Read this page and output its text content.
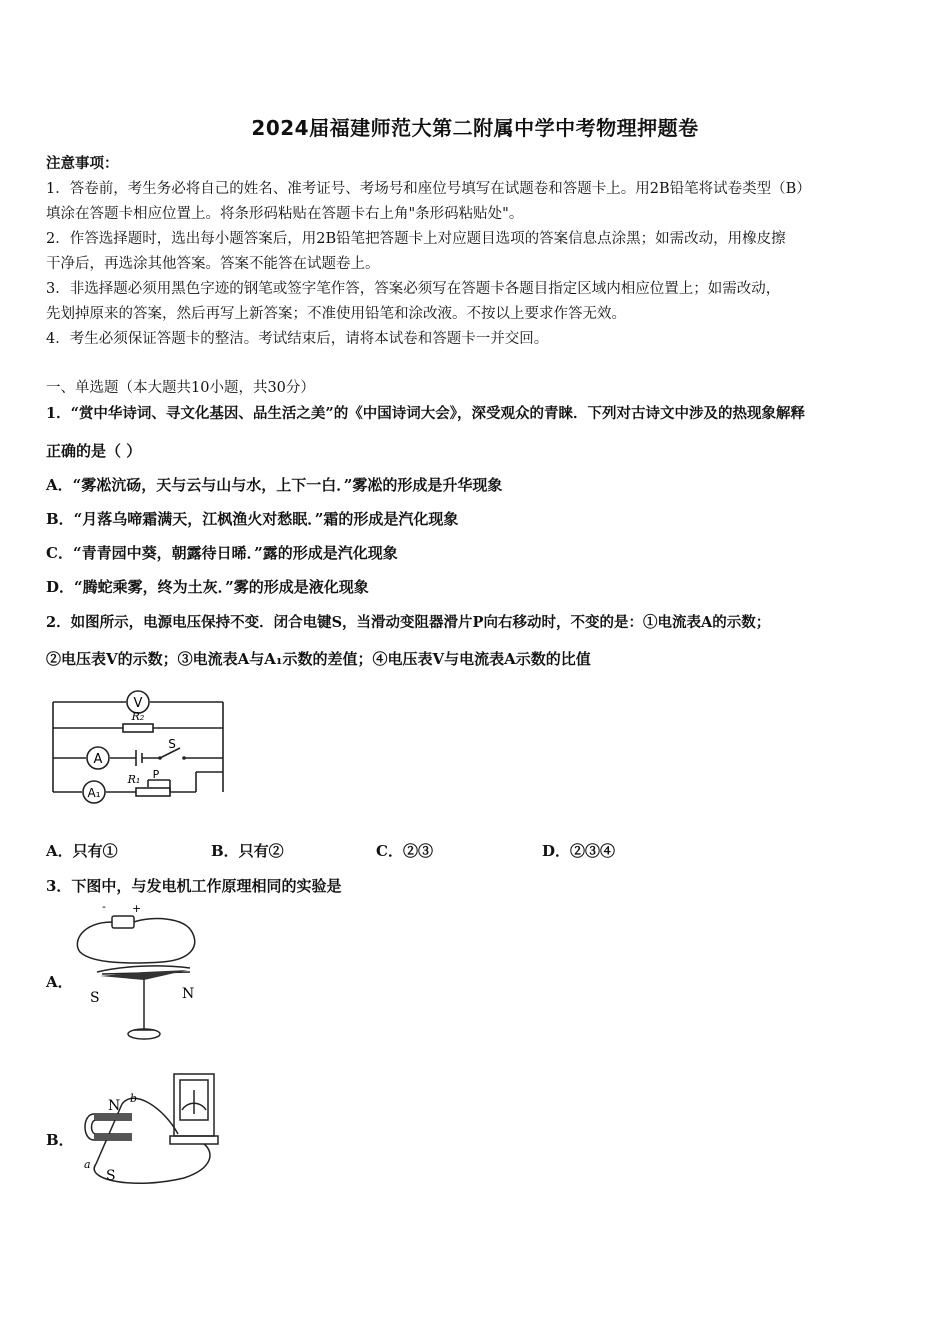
2024届福建师范大第二附属中学中考物理押题卷
注意事项：
1．答卷前，考生务必将自己的姓名、准考证号、考场号和座位号填写在试题卷和答题卡上。用2B铅笔将试卷类型（B）
填涂在答题卡相应位置上。将条形码粘贴在答题卡右上角"条形码粘贴处"。
2．作答选择题时，选出每小题答案后，用2B铅笔把答题卡上对应题目选项的答案信息点涂黑；如需改动，用橡皮擦
干净后，再选涂其他答案。答案不能答在试题卷上。
3．非选择题必须用黑色字迹的钢笔或签字笔作答，答案必须写在答题卡各题目指定区域内相应位置上；如需改动，
先划掉原来的答案，然后再写上新答案；不准使用铅笔和涂改液。不按以上要求作答无效。
4．考生必须保证答题卡的整洁。考试结束后，请将本试卷和答题卡一并交回。
一、单选题（本大题共10小题，共30分）
1．“赏中华诗词、寻文化基因、品生活之美”的《中国诗词大会》，深受观众的青睐．下列对古诗文中涉及的热现象解释
正确的是（ ）
A．“雾凇沆砀，天与云与山与水，上下一白．”雾凇的形成是升华现象
B．“月落乌啼霜满天，江枫渔火对愁眠．”霜的形成是汽化现象
C．“青青园中葵，朝露待日晞．”露的形成是汽化现象
D．“腾蛇乘雾，终为土灰．”雾的形成是液化现象
2．如图所示，电源电压保持不变．闭合电键S，当滑动变阻器滑片P向右移动时，不变的是：①电流表A的示数；
②电压表V的示数；③电流表A与A₁示数的差值；④电压表V与电流表A示数的比值
V
R₂
A
S
R₁ P
A₁
A．只有①	B．只有②	C．②③	D．②③④
3．下图中，与发电机工作原理相同的实验是
A．
- +
S	N
B．
N
S
b
a
